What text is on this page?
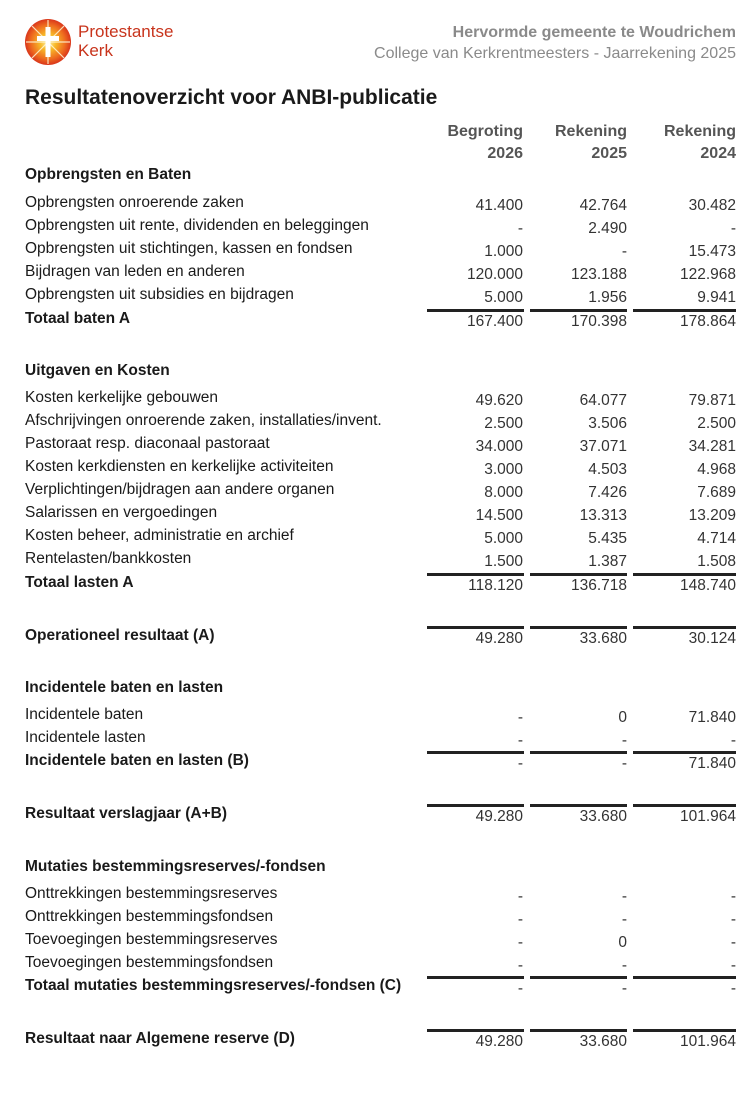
Protestantse
Kerk
Hervormde gemeente te Woudrichem
College van Kerkrentmeesters - Jaarrekening 2025
Resultatenoverzicht voor ANBI-publicatie
Begroting
2026
Rekening
2025
Rekening
2024
Opbrengsten en Baten
Opbrengsten onroerende zaken	41.400	42.764	30.482
Opbrengsten uit rente, dividenden en beleggingen	-	2.490	-
Opbrengsten uit stichtingen, kassen en fondsen	1.000	-	15.473
Bijdragen van leden en anderen	120.000	123.188	122.968
Opbrengsten uit subsidies en bijdragen	5.000	1.956	9.941
Totaal baten A	167.400	170.398	178.864
Uitgaven en Kosten
Kosten kerkelijke gebouwen	49.620	64.077	79.871
Afschrijvingen onroerende zaken, installaties/invent.	2.500	3.506	2.500
Pastoraat resp. diaconaal pastoraat	34.000	37.071	34.281
Kosten kerkdiensten en kerkelijke activiteiten	3.000	4.503	4.968
Verplichtingen/bijdragen aan andere organen	8.000	7.426	7.689
Salarissen en vergoedingen	14.500	13.313	13.209
Kosten beheer, administratie en archief	5.000	5.435	4.714
Rentelasten/bankkosten	1.500	1.387	1.508
Totaal lasten A	118.120	136.718	148.740
Operationeel resultaat (A)	49.280	33.680	30.124
Incidentele baten en lasten
Incidentele baten	-	0	71.840
Incidentele lasten	-	-	-
Incidentele baten en lasten (B)	-	-	71.840
Resultaat verslagjaar (A+B)	49.280	33.680	101.964
Mutaties bestemmingsreserves/-fondsen
Onttrekkingen bestemmingsreserves	-	-	-
Onttrekkingen bestemmingsfondsen	-	-	-
Toevoegingen bestemmingsreserves	-	0	-
Toevoegingen bestemmingsfondsen	-	-	-
Totaal mutaties bestemmingsreserves/-fondsen (C)	-	-	-
Resultaat naar Algemene reserve (D)	49.280	33.680	101.964
